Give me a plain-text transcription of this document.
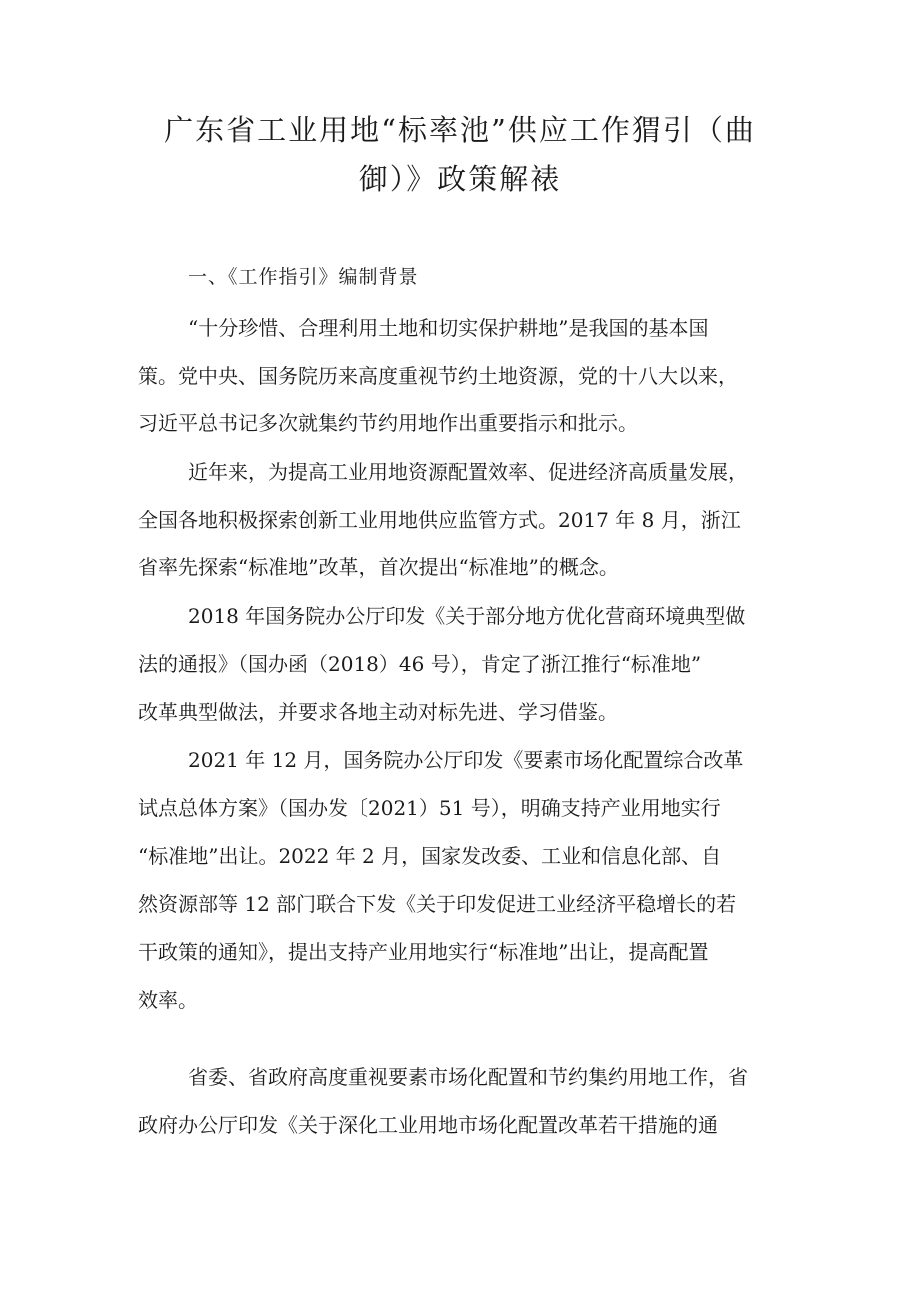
广东省工业用地“标率池”供应工作猬引（曲
御）》政策解裱
一、《工作指引》编制背景

“十分珍惜、合理利用土地和切实保护耕地”是我国的基本国

策。党中央、国务院历来高度重视节约土地资源，党的十八大以来，

习近平总书记多次就集约节约用地作出重要指示和批示。

近年来，为提高工业用地资源配置效率、促进经济高质量发展，

全国各地积极探索创新工业用地供应监管方式。2017 年 8 月，浙江

省率先探索“标准地”改革，首次提出“标准地”的概念。

2018 年国务院办公厅印发《关于部分地方优化营商环境典型做

法的通报》（国办函（2018）46 号），肯定了浙江推行“标准地”

改革典型做法，并要求各地主动对标先进、学习借鉴。

2021 年 12 月，国务院办公厅印发《要素市场化配置综合改革

试点总体方案》（国办发〔2021）51 号），明确支持产业用地实行

“标准地”出让。2022 年 2 月，国家发改委、工业和信息化部、自

然资源部等 12 部门联合下发《关于印发促进工业经济平稳增长的若

干政策的通知》，提出支持产业用地实行“标准地”出让，提高配置

效率。

省委、省政府高度重视要素市场化配置和节约集约用地工作，省

政府办公厅印发《关于深化工业用地市场化配置改革若干措施的通
